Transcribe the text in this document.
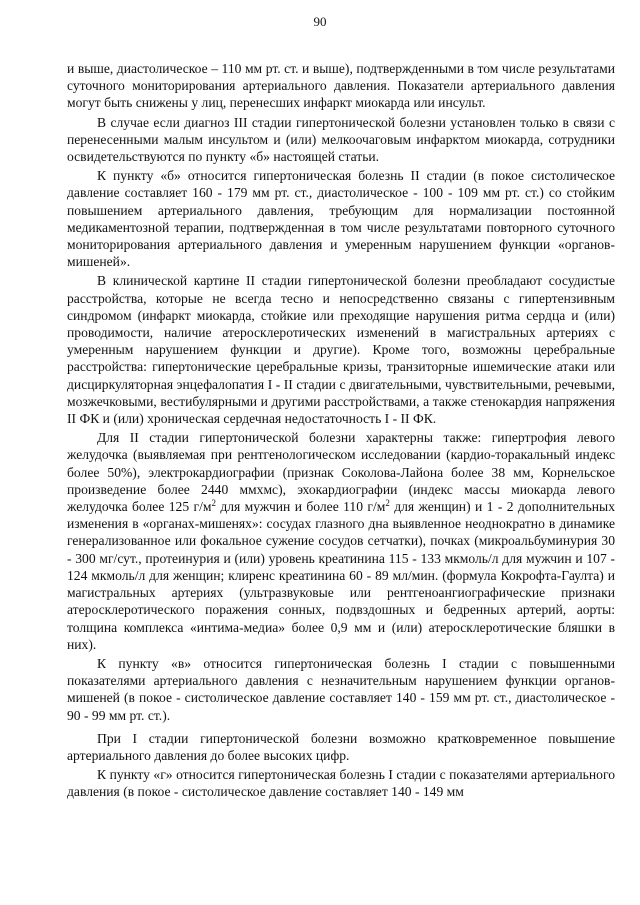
90

и выше, диастолическое – 110 мм рт. ст. и выше), подтвержденными в том числе результатами суточного мониторирования артериального давления. Показатели артериального давления могут быть снижены у лиц, перенесших инфаркт миокарда или инсульт.

В случае если диагноз III стадии гипертонической болезни установлен только в связи с перенесенными малым инсультом и (или) мелкоочаговым инфарктом миокарда, сотрудники освидетельствуются по пункту «б» настоящей статьи.

К пункту «б» относится гипертоническая болезнь II стадии (в покое систолическое давление составляет 160 - 179 мм рт. ст., диастолическое - 100 - 109 мм рт. ст.) со стойким повышением артериального давления, требующим для нормализации постоянной медикаментозной терапии, подтвержденная в том числе результатами повторного суточного мониторирования артериального давления и умеренным нарушением функции «органов-мишеней».

В клинической картине II стадии гипертонической болезни преобладают сосудистые расстройства, которые не всегда тесно и непосредственно связаны с гипертензивным синдромом (инфаркт миокарда, стойкие или преходящие нарушения ритма сердца и (или) проводимости, наличие атеросклеротических изменений в магистральных артериях с умеренным нарушением функции и другие). Кроме того, возможны церебральные расстройства: гипертонические церебральные кризы, транзиторные ишемические атаки или дисциркуляторная энцефалопатия I - II стадии с двигательными, чувствительными, речевыми, мозжечковыми, вестибулярными и другими расстройствами, а также стенокардия напряжения II ФК и (или) хроническая сердечная недостаточность I - II ФК.

Для II стадии гипертонической болезни характерны также: гипертрофия левого желудочка (выявляемая при рентгенологическом исследовании (кардио-торакальный индекс более 50%), электрокардиографии (признак Соколова-Лайона более 38 мм, Корнельское произведение более 2440 ммхмс), эхокардиографии (индекс массы миокарда левого желудочка более 125 $г/м^2$ для мужчин и более 110 $г/м^2$ для женщин) и 1 - 2 дополнительных изменения в «органах-мишенях»: сосудах глазного дна выявленное неоднократно в динамике генерализованное или фокальное сужение сосудов сетчатки), почках (микроальбуминурия 30 - 300 мг/сут., протеинурия и (или) уровень креатинина 115 - 133 мкмоль/л для мужчин и 107 - 124 мкмоль/л для женщин; клиренс креатинина 60 - 89 мл/мин. (формула Кокрофта-Гаулта) и магистральных артериях (ультразвуковые или рентгеноангиографические признаки атеросклеротического поражения сонных, подвздошных и бедренных артерий, аорты: толщина комплекса «интима-медиа» более 0,9 мм и (или) атеросклеротические бляшки в них).

К пункту «в» относится гипертоническая болезнь I стадии с повышенными показателями артериального давления с незначительным нарушением функции органов-мишеней (в покое - систолическое давление составляет 140 - 159 мм рт. ст., диастолическое - 90 - 99 мм рт. ст.).

При I стадии гипертонической болезни возможно кратковременное повышение артериального давления до более высоких цифр.

К пункту «г» относится гипертоническая болезнь I стадии с показателями артериального давления (в покое - систолическое давление составляет 140 - 149 мм
